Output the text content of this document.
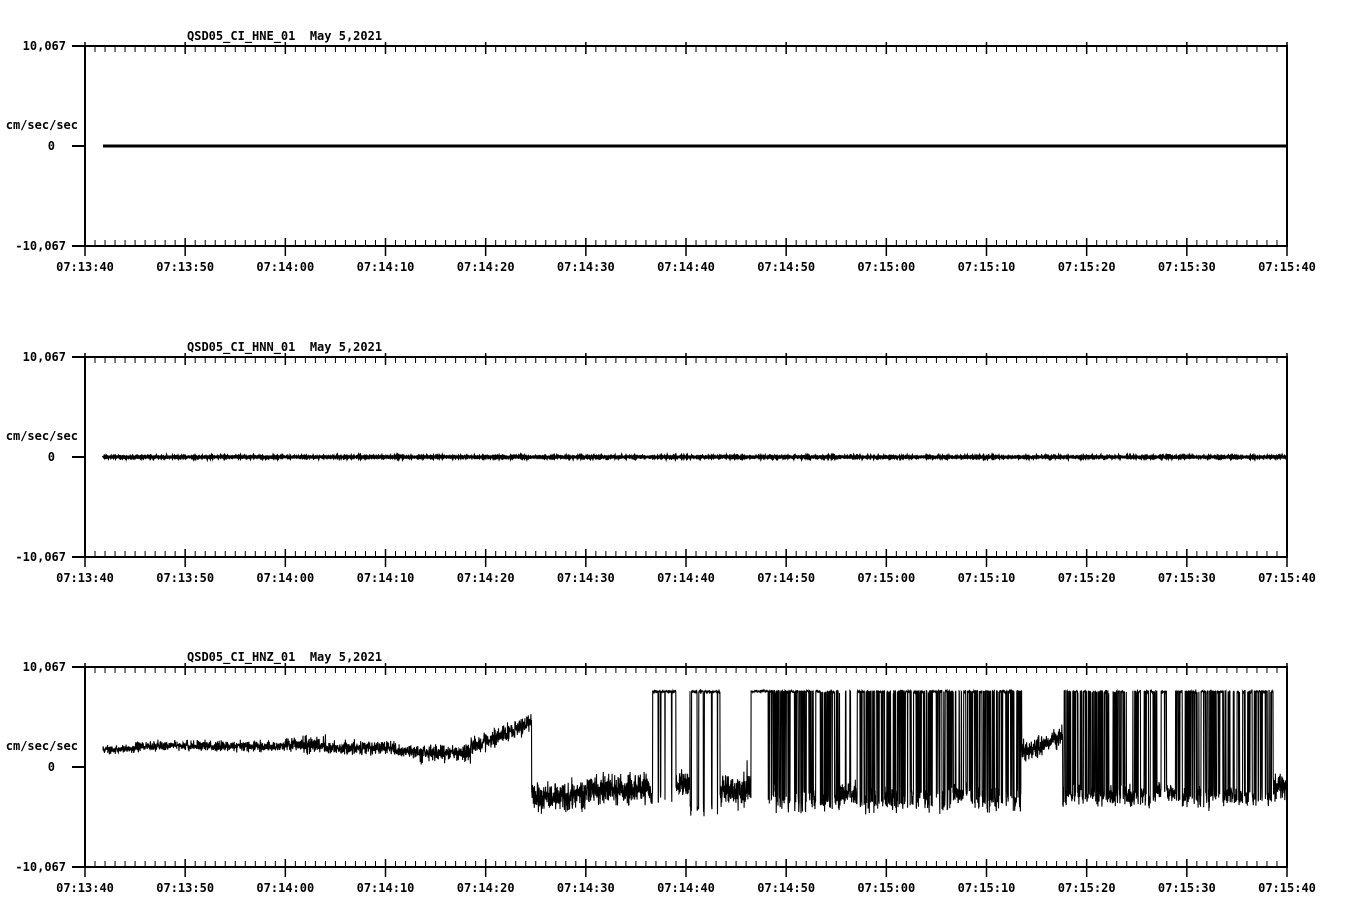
QSD05_CI_HNE_01  May 5,2021
10,067
cm/sec/sec
0
-10,067
QSD05_CI_HNN_01  May 5,2021
10,067
cm/sec/sec
0
-10,067
QSD05_CI_HNZ_01  May 5,2021
10,067
cm/sec/sec
0
-10,067
07:13:40	07:13:50	07:14:00	07:14:10	07:14:20	07:14:30	07:14:40	07:14:50	07:15:00	07:15:10	07:15:20	07:15:30	07:15:40
07:13:40	07:13:50	07:14:00	07:14:10	07:14:20	07:14:30	07:14:40	07:14:50	07:15:00	07:15:10	07:15:20	07:15:30	07:15:40
07:13:40	07:13:50	07:14:00	07:14:10	07:14:20	07:14:30	07:14:40	07:14:50	07:15:00	07:15:10	07:15:20	07:15:30	07:15:40
